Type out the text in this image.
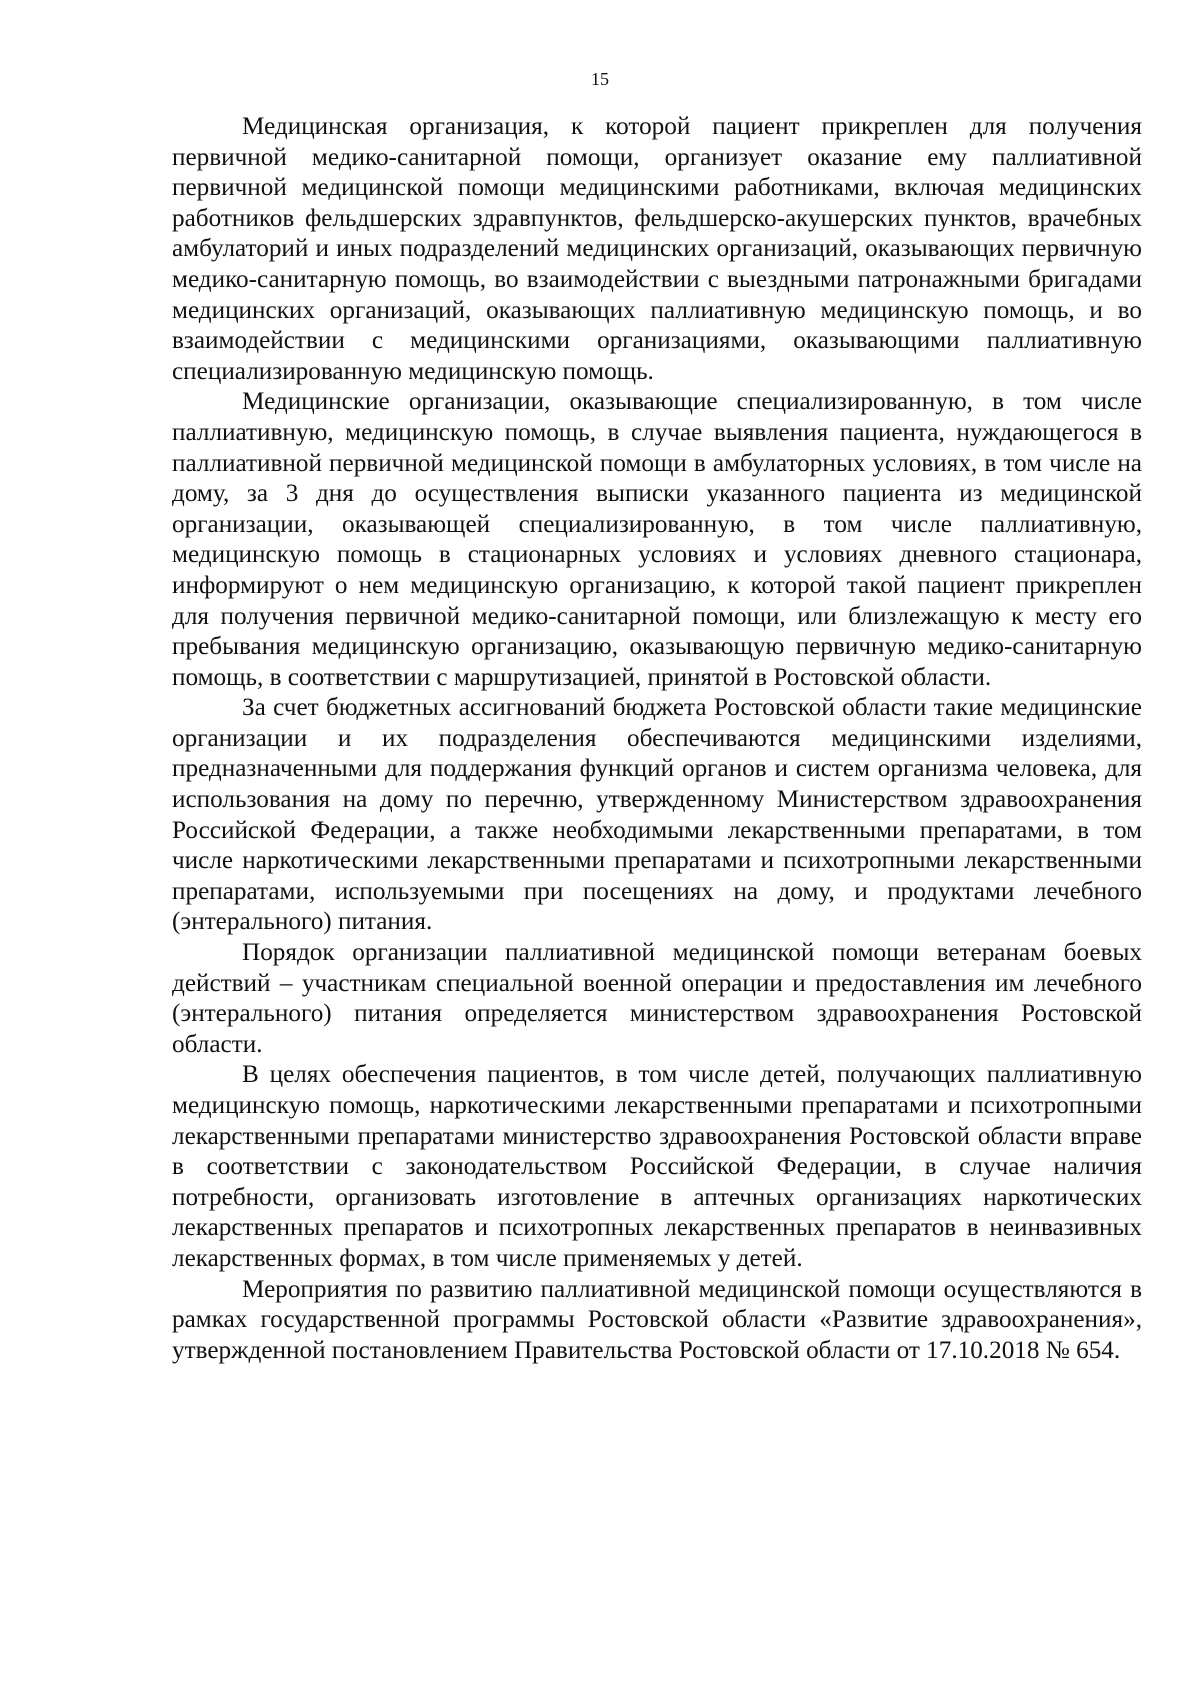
15

Медицинская организация, к которой пациент прикреплен для получения первичной медико-санитарной помощи, организует оказание ему паллиативной первичной медицинской помощи медицинскими работниками, включая медицинских работников фельдшерских здравпунктов, фельдшерско-акушерских пунктов, врачебных амбулаторий и иных подразделений медицинских организаций, оказывающих первичную медико-санитарную помощь, во взаимодействии с выездными патронажными бригадами медицинских организаций, оказывающих паллиативную медицинскую помощь, и во взаимодействии с медицинскими организациями, оказывающими паллиативную специализированную медицинскую помощь.

Медицинские организации, оказывающие специализированную, в том числе паллиативную, медицинскую помощь, в случае выявления пациента, нуждающегося в паллиативной первичной медицинской помощи в амбулаторных условиях, в том числе на дому, за 3 дня до осуществления выписки указанного пациента из медицинской организации, оказывающей специализированную, в том числе паллиативную, медицинскую помощь в стационарных условиях и условиях дневного стационара, информируют о нем медицинскую организацию, к которой такой пациент прикреплен для получения первичной медико-санитарной помощи, или близлежащую к месту его пребывания медицинскую организацию, оказывающую первичную медико-санитарную помощь, в соответствии с маршрутизацией, принятой в Ростовской области.

За счет бюджетных ассигнований бюджета Ростовской области такие медицинские организации и их подразделения обеспечиваются медицинскими изделиями, предназначенными для поддержания функций органов и систем организма человека, для использования на дому по перечню, утвержденному Министерством здравоохранения Российской Федерации, а также необходимыми лекарственными препаратами, в том числе наркотическими лекарственными препаратами и психотропными лекарственными препаратами, используемыми при посещениях на дому, и продуктами лечебного (энтерального) питания.

Порядок организации паллиативной медицинской помощи ветеранам боевых действий – участникам специальной военной операции и предоставления им лечебного (энтерального) питания определяется министерством здравоохранения Ростовской области.

В целях обеспечения пациентов, в том числе детей, получающих паллиативную медицинскую помощь, наркотическими лекарственными препаратами и психотропными лекарственными препаратами министерство здравоохранения Ростовской области вправе в соответствии с законодательством Российской Федерации, в случае наличия потребности, организовать изготовление в аптечных организациях наркотических лекарственных препаратов и психотропных лекарственных препаратов в неинвазивных лекарственных формах, в том числе применяемых у детей.

Мероприятия по развитию паллиативной медицинской помощи осуществляются в рамках государственной программы Ростовской области «Развитие здравоохранения», утвержденной постановлением Правительства Ростовской области от 17.10.2018 № 654.
